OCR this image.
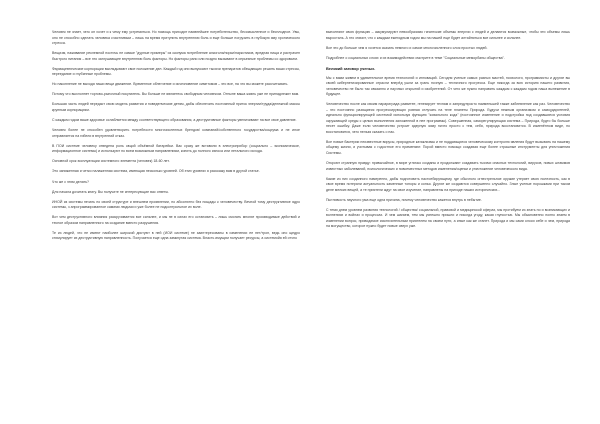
Человек не знает, чего он хочет и к чему ему устремиться. Но помощь приходит наивнейшее потребительство, бессмысленное и бесплодное. Увы, оно не способно сделать человека счастливым – лишь на время притупить внутреннюю боль и еще больше погрузить в глубокую яму хронического стресса.

Вещизм, наживание реклемной постичь не самые "дурные примеры" из скопума потребление алкоголя/норки/наркотиков, вредная пища и растрачен быстрого питания – все это заглушающее внутреннюю боль факторы. Но факторы рано или поздно вызывают в серьезные проблемы со здоровьем.

Фармацевтические корпорации выглядывают свое положение дел. Каждый год они выпускают тысячи препаратов обещающих решить ваши стрессы, переедание и глубинные проблемы.

Но накопление не выходя наши вещи движение. Временное облегчение и исчезновение симптомов – это все, на что вы можете рассчитывать.

Потому что выхлопнет торгово-рыночный покупатель. Вы больше не являетесь свободным человеком. Отныне ваша жизнь уже не принадлежит вам.

Большая часть людей передаст свою модель развития и поведенческие детям, дабы обеспечить постоянный приток энергии/труда/денежной массы крупным корпорациям.

С каждым годом ваше здоровье ослабляется между соответствующего образования, а деструктивные факторы увеличивают на все свое давление.

Человек более не способен удовлетворить потребности многочисленных брендов/ компаний/собственного государства/социума и не иное отправляется на гибели в внутренний отказ.

В ПОИ системе человеку отведена роль овцой объёмной батарейки. Вас сразу же вставили в электроприбор (социально – экономическое, информационное системы) и используют по всем возможным направлениям, копить до полного износа или летального исхода.

Основной срок эксплуатации системного элемента (человек) 18-60 лет.

Это заниженная и четко налаженная система, имеющая несколько уровней. Об этих уровнях я расскажу вам в другой статье.

Что же с этим делать?

Для начала дочитать книгу. Вы получите не интересующие вас ответы.

ИНОЙ из системы печать по своей структуре и внешнем проявлении, но абсолютно без пощады к человечеству. Вечной тому деструктивное ядро системы, з апрограммированное самими людьми и уже более не подконтрольное их воле.

Вот чем деструктивного влияния раскручивается все сильнее, и мы не в силах его остановить – лишь смогать многие производимые действий и тесноe образом направленного на создание вместо разрушения.

Те из людей, что не имеют наиболее широкой дистуют в ней (ИОИ системе) не заинтересованы в изменении ее нет/троп, ведь оно щедро стимулирует их деструктивную направленность. Получается еще одна замкнутая система. Власть имущим получает ресурсы, а системойя ей отчно

выполняют свою функцию – аккумулируют невообразимо гигантские объемы энергии с людей и делаются возможные, чтобы эти объемы лишь выросталь. А это значит, что с каждым ежегодным годом мы на нашей еще будет алтайняться все сильнее и сильнее.

Все это до больше чем я хочется сказать немного и самое многочисленного слоя простых людей.

Подробнее о социальных слоях и их взаимодействии смотрите в теме "Социальные меморбаны общества".

Великий заговор ученых.

Мы с вами живем в удивительное время технологий и инноваций. Сегодня ученые самых разных мастей, психологи, программисты и другие вы своей кибернетизированные отрасли вперёд ушли за грань ночную – техничного прогресса. Еще никогда за всю историю нашего развития, человечество не было так связанно и научных открытий и изобретений. От чего же нужно направить каждым с каждым годом наша вынежение в будущее.

Человечество после как своим парариграда развитее, генезирует технам и запредупросто наименьшей также заблевление как раз. Человечество – это постоянно разящиеся прогрессирующих ровная отлучать на теле планеты Природа. Будучи нежным организмом и самоударителей, идеально функционирующей системой используя функцию "ковального кода" (постоянное изменение и подстройка под создавшиеся условия окружающей среды с целью выполнения заложенной в нее программы). Совершенная, саморегулирующая система – Природа, будто бы больше несет ошибку. Даже если человечество устроит ядерную зиму ничто просто с тем, себя, природа восстановится. В изменённом виде, но восстановится, чего нельзя сказать о нас.

Все новые бактерии неизвестные вирусы, природные катаклизмы и не поддающиеся человеческому контролю явления будут вызывать на нашему общему жизни, и учитывая с годостное его применяют. Порой вместо помощи создавая еще более страшные инструменты для уничтожения Системы.

Откроют странную правду: привычайное, в мире угличко созданы и продолжают создавать тысячи опасных технологий, вирусов, новых штаммов известных заболеваний, психологических и повсеместных методов изменения/оценки и уничтожение человеческого вида.

Какие из них созданного намеренно, дабы подготовить настоебирующему, где обычного огнестрельное оружие утеряет свою полезность, как в свое время потеряли актуальность каменные топоры и копья. Другие же создаются совершенно случайно. Злые ученые порошками при таком деле мелких вещей, а те приятели ждут на свое изучение, направлены на приходе наших исторических...

Пытливость научного ума еще одна причина, почему человечество кажется внутрь в небытие.

С теми днем уровнем развития технологий / общества/ социальной, правовой и медицинской сферах, мы протибуем из знать по и возникающих и волнениях и войнах и процессах. И чем шагаем, тем мы успешно пришли и никогда угоду, какая глупостью. Мы обыкновенно полно знаем в изменении вопрос, приводимое исключительным приятелем на своем пути, а иные как же станет. Природа и мы сами олоси себе и чем, природа на могущество, которое нужно будет новые сверх уже.
